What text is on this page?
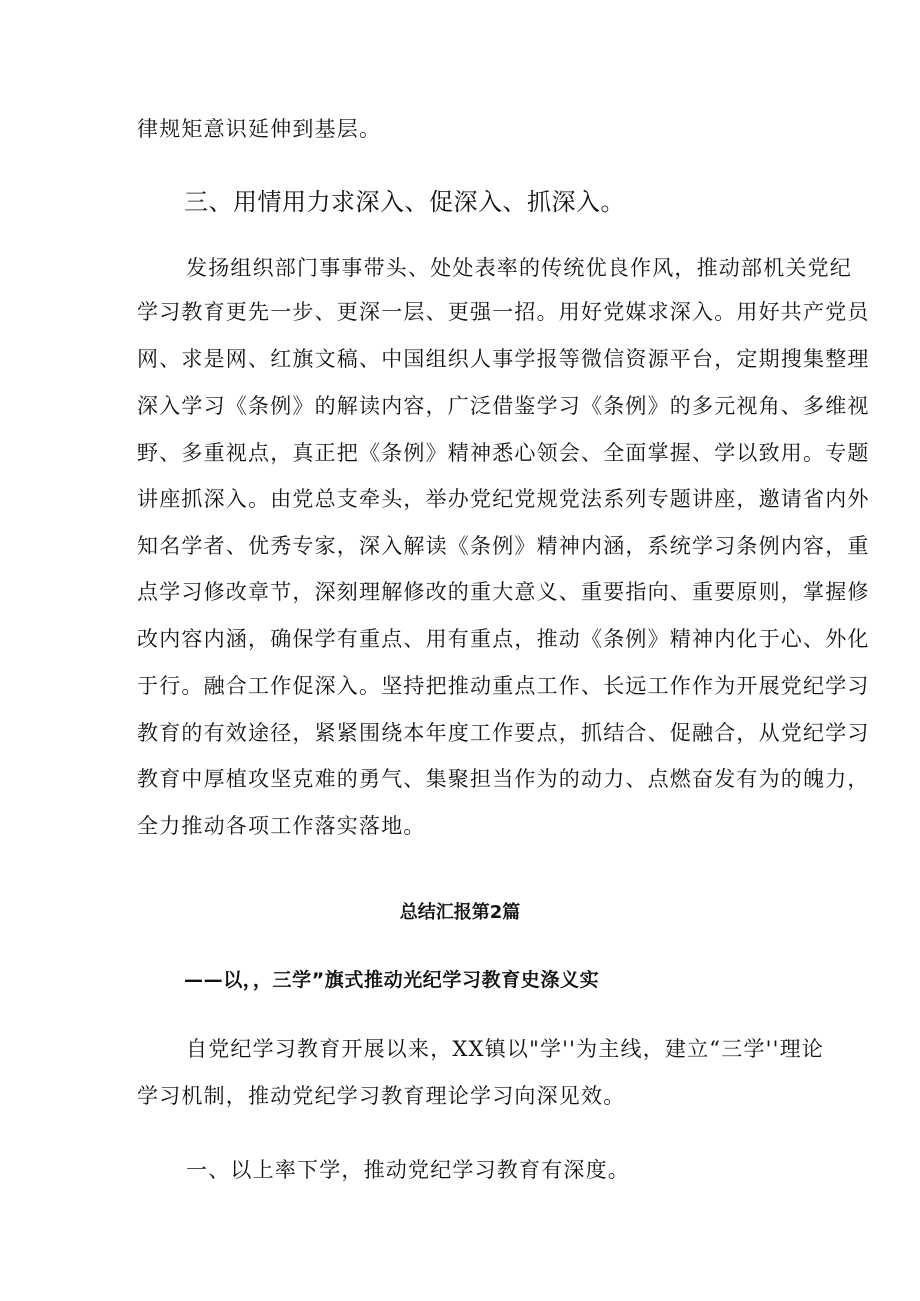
律规矩意识延伸到基层。
三、用情用力求深入、促深入、抓深入。
发扬组织部门事事带头、处处表率的传统优良作风，推动部机关党纪
学习教育更先一步、更深一层、更强一招。用好党媒求深入。用好共产党员
网、求是网、红旗文稿、中国组织人事学报等微信资源平台，定期搜集整理
深入学习《条例》的解读内容，广泛借鉴学习《条例》的多元视角、多维视
野、多重视点，真正把《条例》精神悉心领会、全面掌握、学以致用。专题
讲座抓深入。由党总支牵头，举办党纪党规党法系列专题讲座，邀请省内外
知名学者、优秀专家，深入解读《条例》精神内涵，系统学习条例内容，重
点学习修改章节，深刻理解修改的重大意义、重要指向、重要原则，掌握修
改内容内涵，确保学有重点、用有重点，推动《条例》精神内化于心、外化
于行。融合工作促深入。坚持把推动重点工作、长远工作作为开展党纪学习
教育的有效途径，紧紧围绕本年度工作要点，抓结合、促融合，从党纪学习
教育中厚植攻坚克难的勇气、集聚担当作为的动力、点燃奋发有为的魄力，
全力推动各项工作落实落地。
总结汇报第2篇
——以，，三学”旗式推动光纪学习教育史涤义实
自党纪学习教育开展以来，XX镇以"学''为主线，建立“三学''理论
学习机制，推动党纪学习教育理论学习向深见效。
一、以上率下学，推动党纪学习教育有深度。
